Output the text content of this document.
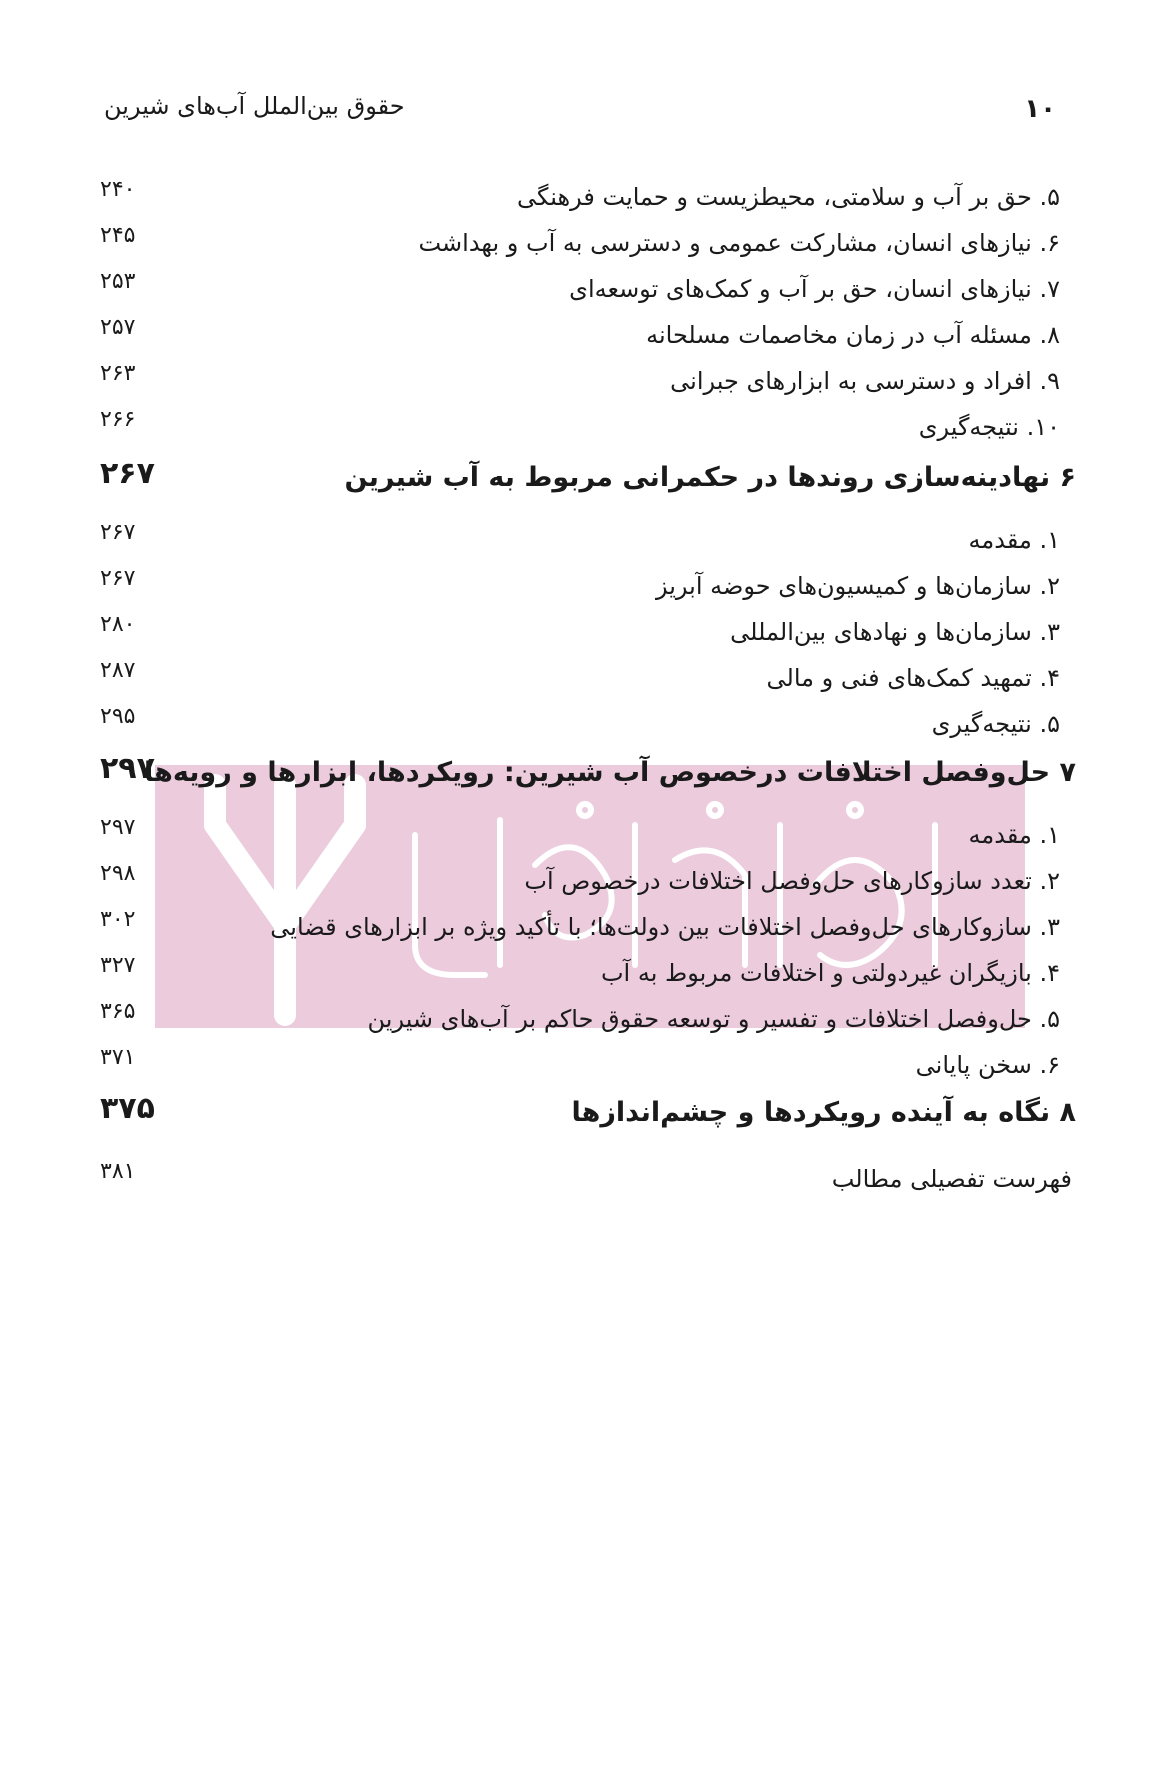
حقوق بین‌الملل آب‌های شیرین	۱۰
۵. حق بر آب و سلامتی، محیطزیست و حمایت فرهنگی
۲۴۰
۶. نیازهای انسان، مشارکت عمومی و دسترسی به آب و بهداشت
۲۴۵
۷. نیازهای انسان، حق بر آب و کمک‌های توسعه‌ای
۲۵۳
۸. مسئله آب در زمان مخاصمات مسلحانه
۲۵۷
۹. افراد و دسترسی به ابزارهای جبرانی
۲۶۳
۱۰. نتیجه‌گیری
۲۶۶
۶ نهادینه‌سازی روندها در حکمرانی مربوط به آب شیرین
۲۶۷
۱. مقدمه
۲۶۷
۲. سازمان‌ها و کمیسیون‌های حوضه آبریز
۲۶۷
۳. سازمان‌ها و نهادهای بین‌المللی
۲۸۰
۴. تمهید کمک‌های فنی و مالی
۲۸۷
۵. نتیجه‌گیری
۲۹۵
۷ حل‌وفصل اختلافات درخصوص آب شیرین: رویکردها، ابزارها و رویه‌ها
۲۹۷
۱. مقدمه
۲۹۷
۲. تعدد سازوکارهای حل‌وفصل اختلافات درخصوص آب
۲۹۸
۳. سازوکارهای حل‌وفصل اختلافات بین دولت‌ها؛ با تأکید ویژه بر ابزارهای قضایی
۳۰۲
۴. بازیگران غیردولتی و اختلافات مربوط به آب
۳۲۷
۵. حل‌وفصل اختلافات و تفسیر و توسعه حقوق حاکم بر آب‌های شیرین
۳۶۵
۶. سخن پایانی
۳۷۱
۸ نگاه به آینده رویکردها و چشم‌اندازها
۳۷۵
فهرست تفصیلی مطالب
۳۸۱
